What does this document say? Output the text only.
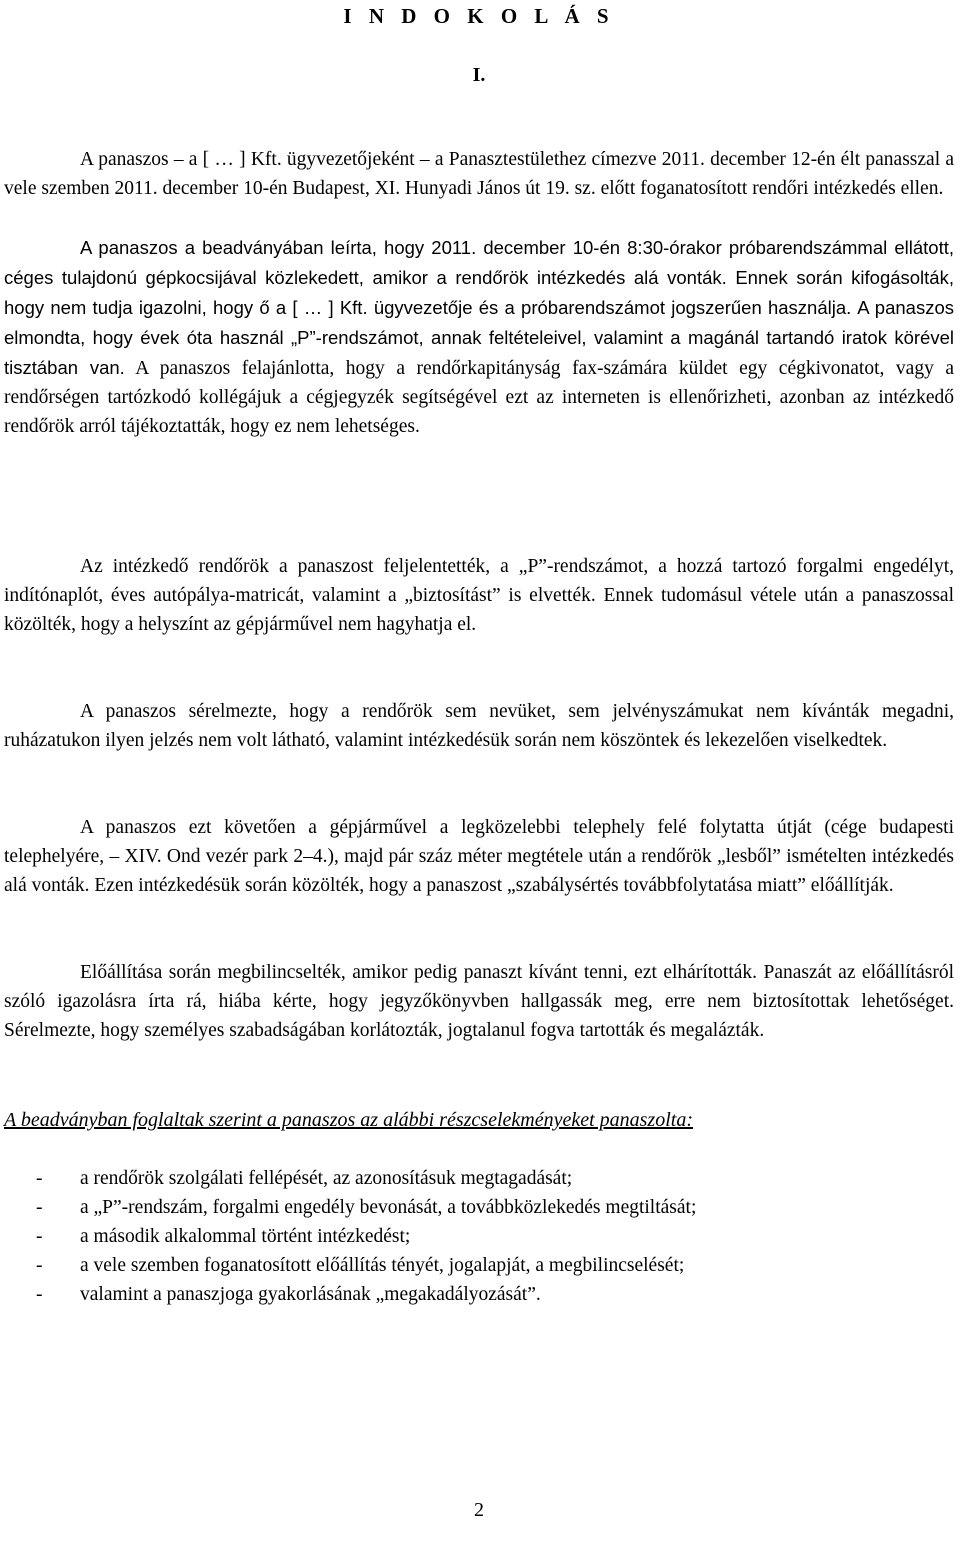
I N D O K O L Á S
I.

A panaszos – a [ … ] Kft. ügyvezetőjeként – a Panasztestülethez címezve 2011. december 12-én élt panasszal a vele szemben 2011. december 10-én Budapest, XI. Hunyadi János út 19. sz. előtt foganatosított rendőri intézkedés ellen.

A panaszos a beadványában leírta, hogy 2011. december 10-én 8:30-órakor próbarendszámmal ellátott, céges tulajdonú gépkocsijával közlekedett, amikor a rendőrök intézkedés alá vonták. Ennek során kifogásolták, hogy nem tudja igazolni, hogy ő a [ … ] Kft. ügyvezetője és a próbarendszámot jogszerűen használja. A panaszos elmondta, hogy évek óta használ „P”-rendszámot, annak feltételeivel, valamint a magánál tartandó iratok körével tisztában van. A panaszos felajánlotta, hogy a rendőrkapitányság fax-számára küldet egy cégkivonatot, vagy a rendőrségen tartózkodó kollégájuk a cégjegyzék segítségével ezt az interneten is ellenőrizheti, azonban az intézkedő rendőrök arról tájékoztatták, hogy ez nem lehetséges.

Az intézkedő rendőrök a panaszost feljelentették, a „P”-rendszámot, a hozzá tartozó forgalmi engedélyt, indítónaplót, éves autópálya-matricát, valamint a „biztosítást” is elvették. Ennek tudomásul vétele után a panaszossal közölték, hogy a helyszínt az gépjárművel nem hagyhatja el.

A panaszos sérelmezte, hogy a rendőrök sem nevüket, sem jelvényszámukat nem kívánták megadni, ruházatukon ilyen jelzés nem volt látható, valamint intézkedésük során nem köszöntek és lekezelően viselkedtek.

A panaszos ezt követően a gépjárművel a legközelebbi telephely felé folytatta útját (cége budapesti telephelyére, – XIV. Ond vezér park 2–4.), majd pár száz méter megtétele után a rendőrök „lesből” ismételten intézkedés alá vonták. Ezen intézkedésük során közölték, hogy a panaszost „szabálysértés továbbfolytatása miatt” előállítják.

Előállítása során megbilincselték, amikor pedig panaszt kívánt tenni, ezt elhárították. Panaszát az előállításról szóló igazolásra írta rá, hiába kérte, hogy jegyzőkönyvben hallgassák meg, erre nem biztosítottak lehetőséget. Sérelmezte, hogy személyes szabadságában korlátozták, jogtalanul fogva tartották és megalázták.

A beadványban foglaltak szerint a panaszos az alábbi részcselekményeket panaszolta:

- a rendőrök szolgálati fellépését, az azonosításuk megtagadását;
- a „P”-rendszám, forgalmi engedély bevonását, a továbbközlekedés megtiltását;
- a második alkalommal történt intézkedést;
- a vele szemben foganatosított előállítás tényét, jogalapját, a megbilincselését;
- valamint a panaszjoga gyakorlásának „megakadályozását”.

2
